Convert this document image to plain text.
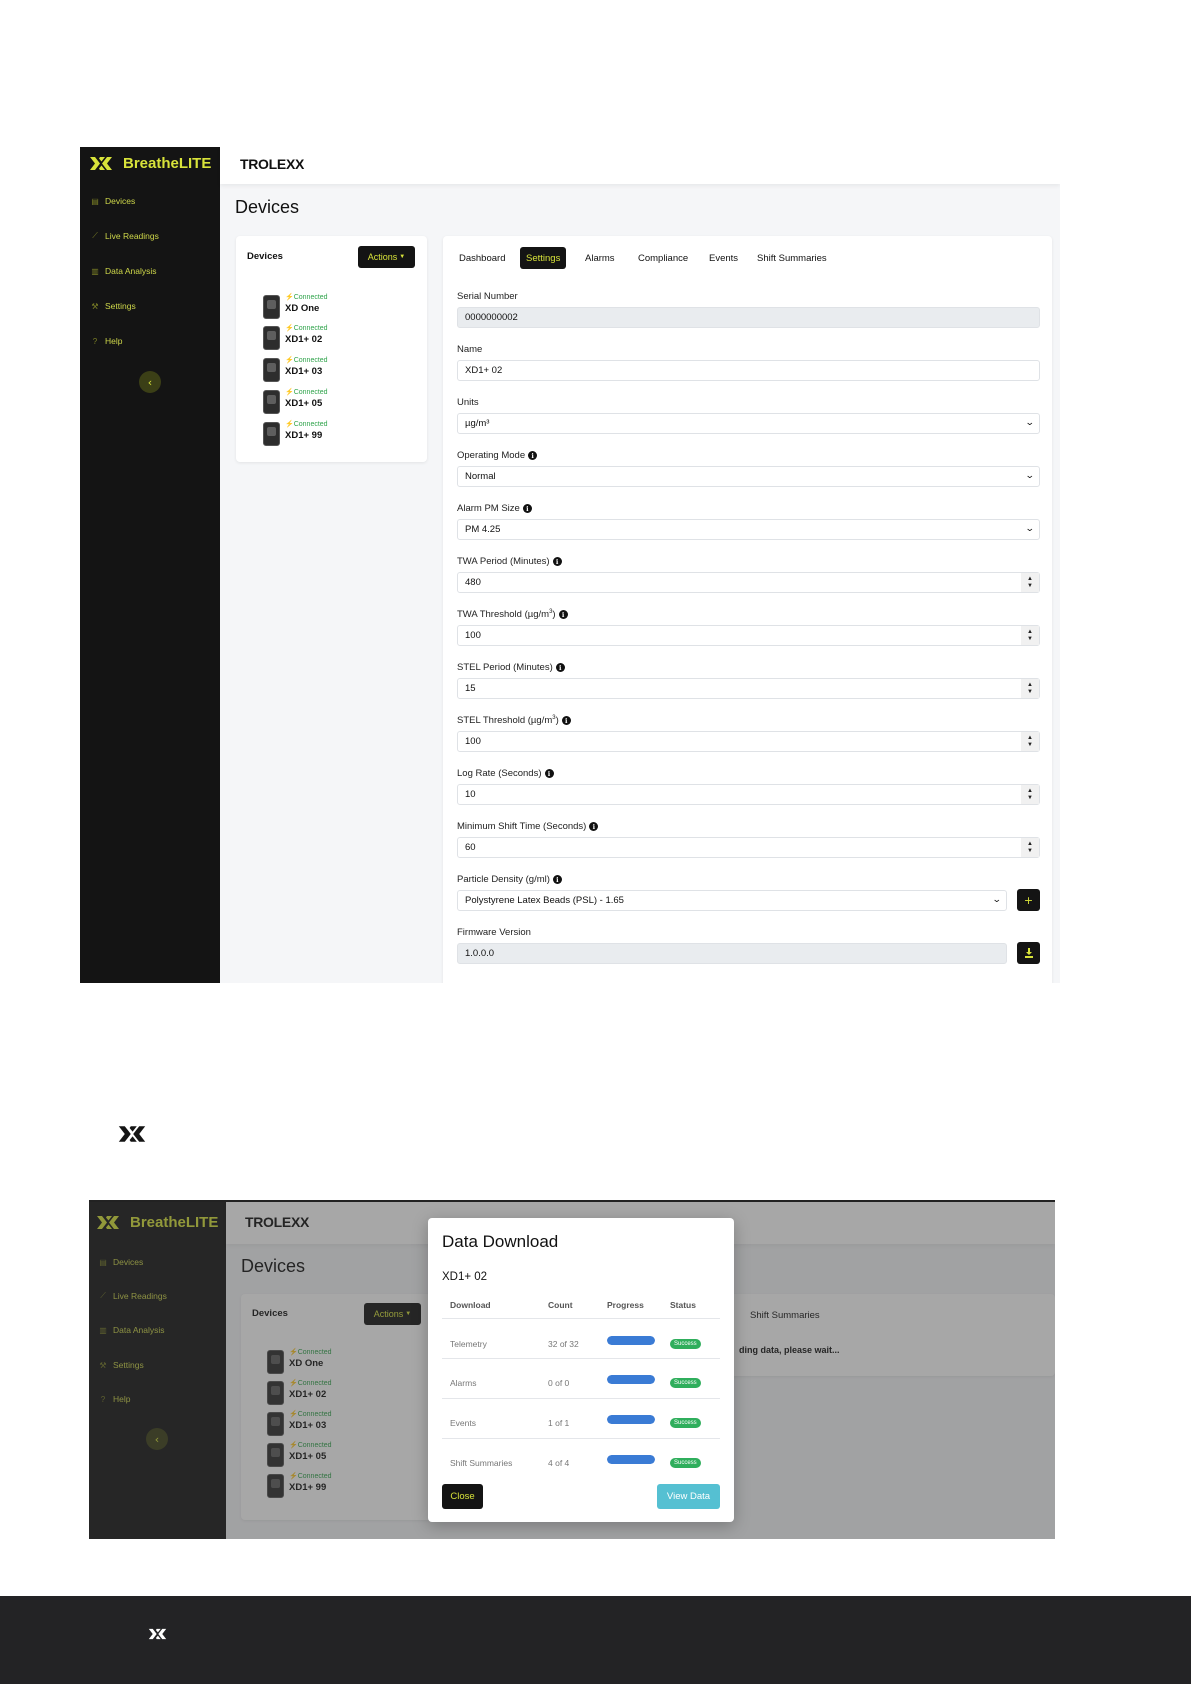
BreatheLITE
▤ Devices
⟋ Live Readings
▥ Data Analysis
⚒ Settings
? Help
‹
TROLEXX
Devices
Devices	Actions ▼
⚡Connected
XD One
⚡Connected
XD1+ 02
⚡Connected
XD1+ 03
⚡Connected
XD1+ 05
⚡Connected
XD1+ 99
Dashboard	Settings	Alarms	Compliance	Events	Shift Summaries
Serial Number
0000000002
Name
XD1+ 02
Units
µg/m³	⌄
Operating Mode i
Normal	⌄
Alarm PM Size i
PM 4.25	⌄
TWA Period (Minutes) i
480	▲
▼
TWA Threshold $(\mu g/m^3)$ i
100	▲
▼
STEL Period (Minutes) i
15	▲
▼
STEL Threshold $(\mu g/m^3)$ i
100	▲
▼
Log Rate (Seconds) i
10	▲
▼
Minimum Shift Time (Seconds) i
60	▲
▼
Particle Density (g/ml) i
Polystyrene Latex Beads (PSL) - 1.65	⌄ +
Firmware Version
1.0.0.0
BreatheLITE
▤ Devices
⟋ Live Readings
▥ Data Analysis
⚒ Settings
? Help
‹
TROLEXX
Devices
Devices	Actions ▼
⚡Connected
XD One
⚡Connected
XD1+ 02
⚡Connected
XD1+ 03
⚡Connected
XD1+ 05
⚡Connected
XD1+ 99
Shift Summaries
ding data, please wait...
Data Download
XD1+ 02
Download	Count	Progress	Status
Telemetry	32 of 32	Success
Alarms	0 of 0	Success
Events	1 of 1	Success
Shift Summaries	4 of 4	Success
Close	View Data
